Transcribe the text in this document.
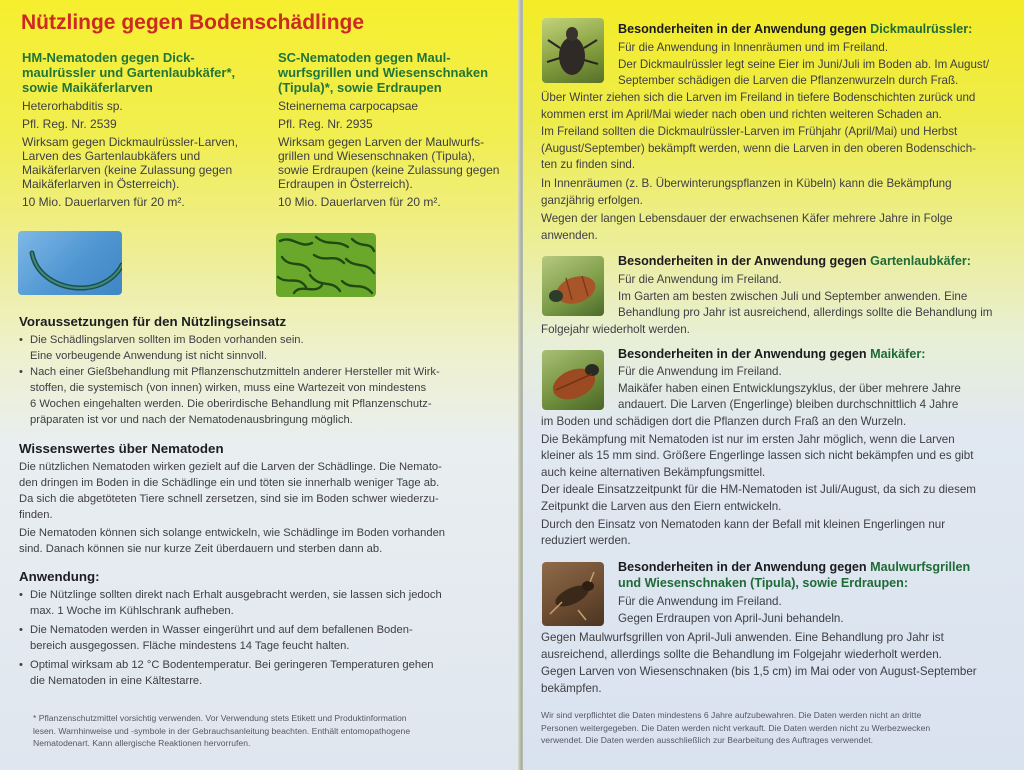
Nützlinge gegen Bodenschädlinge
HM-Nematoden gegen Dick-
maulrüssler und Gartenlaubkäfer*,
sowie Maikäferlarven
Heterorhabditis sp.
Pfl. Reg. Nr. 2539
Wirksam gegen Dickmaulrüssler-Larven,
Larven des Gartenlaubkäfers und
Maikäferlarven (keine Zulassung gegen
Maikäferlarven in Österreich).
10 Mio. Dauerlarven für 20 m².
SC-Nematoden gegen Maul-
wurfsgrillen und Wiesenschnaken
(Tipula)*, sowie Erdraupen
Steinernema carpocapsae
Pfl. Reg. Nr. 2935
Wirksam gegen Larven der Maulwurfs-
grillen und Wiesenschnaken (Tipula),
sowie Erdraupen (keine Zulassung gegen
Erdraupen in Österreich).
10 Mio. Dauerlarven für 20 m².
Voraussetzungen für den Nützlingseinsatz
• Die Schädlingslarven sollten im Boden vorhanden sein.
Eine vorbeugende Anwendung ist nicht sinnvoll.
• Nach einer Gießbehandlung mit Pflanzenschutzmitteln anderer Hersteller mit Wirk-
stoffen, die systemisch (von innen) wirken, muss eine Wartezeit von mindestens
6 Wochen eingehalten werden. Die oberirdische Behandlung mit Pflanzenschutz-
präparaten ist vor und nach der Nematodenausbringung möglich.
Wissenswertes über Nematoden
Die nützlichen Nematoden wirken gezielt auf die Larven der Schädlinge. Die Nemato-
den dringen im Boden in die Schädlinge ein und töten sie innerhalb weniger Tage ab.
Da sich die abgetöteten Tiere schnell zersetzen, sind sie im Boden schwer wiederzu-
finden.
Die Nematoden können sich solange entwickeln, wie Schädlinge im Boden vorhanden
sind. Danach können sie nur kurze Zeit überdauern und sterben dann ab.
Anwendung:
• Die Nützlinge sollten direkt nach Erhalt ausgebracht werden, sie lassen sich jedoch
max. 1 Woche im Kühlschrank aufheben.
• Die Nematoden werden in Wasser eingerührt und auf dem befallenen Boden-
bereich ausgegossen. Fläche mindestens 14 Tage feucht halten.
• Optimal wirksam ab 12 °C Bodentemperatur. Bei geringeren Temperaturen gehen
die Nematoden in eine Kältestarre.
* Pflanzenschutzmittel vorsichtig verwenden. Vor Verwendung stets Etikett und Produktinformation
lesen. Warnhinweise und -symbole in der Gebrauchsanleitung beachten. Enthält entomopathogene
Nematodenart. Kann allergische Reaktionen hervorrufen.
Besonderheiten in der Anwendung gegen Dickmaulrüssler:
Für die Anwendung in Innenräumen und im Freiland.
Der Dickmaulrüssler legt seine Eier im Juni/Juli im Boden ab. Im August/
September schädigen die Larven die Pflanzenwurzeln durch Fraß.
Über Winter ziehen sich die Larven im Freiland in tiefere Bodenschichten zurück und
kommen erst im April/Mai wieder nach oben und richten weiteren Schaden an.
Im Freiland sollten die Dickmaulrüssler-Larven im Frühjahr (April/Mai) und Herbst
(August/September) bekämpft werden, wenn die Larven in den oberen Bodenschich-
ten zu finden sind.
In Innenräumen (z. B. Überwinterungspflanzen in Kübeln) kann die Bekämpfung
ganzjährig erfolgen.
Wegen der langen Lebensdauer der erwachsenen Käfer mehrere Jahre in Folge
anwenden.
Besonderheiten in der Anwendung gegen Gartenlaubkäfer:
Für die Anwendung im Freiland.
Im Garten am besten zwischen Juli und September anwenden. Eine
Behandlung pro Jahr ist ausreichend, allerdings sollte die Behandlung im
Folgejahr wiederholt werden.
Besonderheiten in der Anwendung gegen Maikäfer:
Für die Anwendung im Freiland.
Maikäfer haben einen Entwicklungszyklus, der über mehrere Jahre
andauert. Die Larven (Engerlinge) bleiben durchschnittlich 4 Jahre
im Boden und schädigen dort die Pflanzen durch Fraß an den Wurzeln.
Die Bekämpfung mit Nematoden ist nur im ersten Jahr möglich, wenn die Larven
kleiner als 15 mm sind. Größere Engerlinge lassen sich nicht bekämpfen und es gibt
auch keine alternativen Bekämpfungsmittel.
Der ideale Einsatzzeitpunkt für die HM-Nematoden ist Juli/August, da sich zu diesem
Zeitpunkt die Larven aus den Eiern entwickeln.
Durch den Einsatz von Nematoden kann der Befall mit kleinen Engerlingen nur
reduziert werden.
Besonderheiten in der Anwendung gegen Maulwurfsgrillen
und Wiesenschnaken (Tipula), sowie Erdraupen:
Für die Anwendung im Freiland.
Gegen Erdraupen von April-Juni behandeln.
Gegen Maulwurfsgrillen von April-Juli anwenden. Eine Behandlung pro Jahr ist
ausreichend, allerdings sollte die Behandlung im Folgejahr wiederholt werden.
Gegen Larven von Wiesenschnaken (bis 1,5 cm) im Mai oder von August-September
bekämpfen.
Wir sind verpflichtet die Daten mindestens 6 Jahre aufzubewahren. Die Daten werden nicht an dritte
Personen weitergegeben. Die Daten werden nicht verkauft. Die Daten werden nicht zu Werbezwecken
verwendet. Die Daten werden ausschließlich zur Bearbeitung des Auftrages verwendet.
